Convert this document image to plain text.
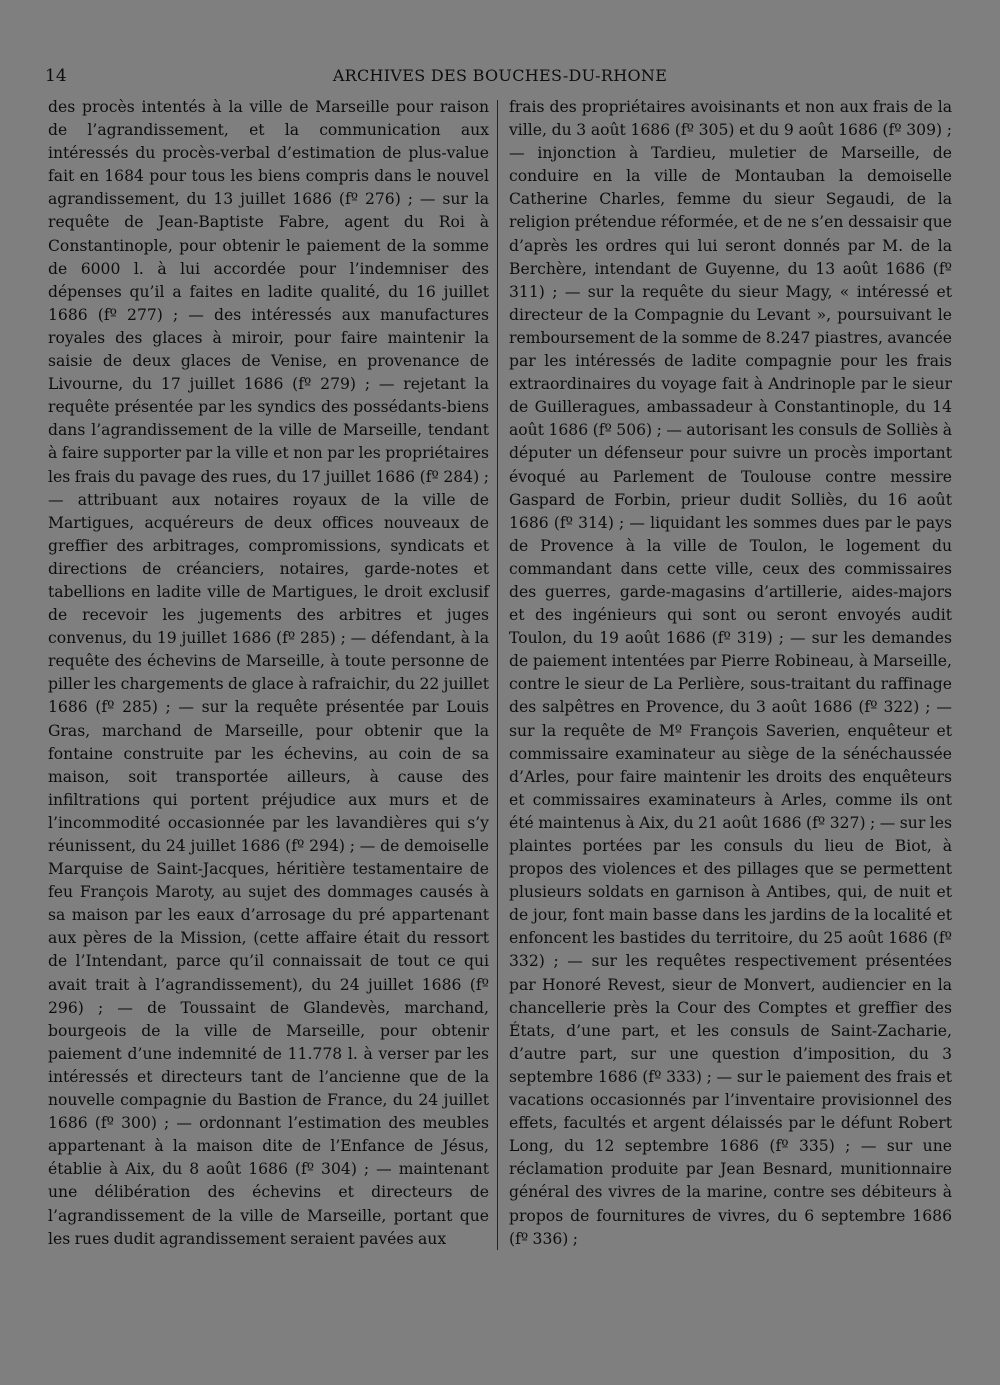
14	ARCHIVES DES BOUCHES-DU-RHONE

des procès intentés à la ville de Marseille pour raison de l’agrandissement, et la communication aux intéressés du procès-verbal d’estimation de plus-value fait en 1684 pour tous les biens compris dans le nouvel agrandissement, du 13 juillet 1686 (fº 276) ; — sur la requête de Jean-Baptiste Fabre, agent du Roi à Constantinople, pour obtenir le paiement de la somme de 6000 l. à lui accordée pour l’indemniser des dépenses qu’il a faites en ladite qualité, du 16 juillet 1686 (fº 277) ; — des intéressés aux manufactures royales des glaces à miroir, pour faire maintenir la saisie de deux glaces de Venise, en provenance de Livourne, du 17 juillet 1686 (fº 279) ; — rejetant la requête présentée par les syndics des possédants-biens dans l’agrandissement de la ville de Marseille, tendant à faire supporter par la ville et non par les propriétaires les frais du pavage des rues, du 17 juillet 1686 (fº 284) ; — attribuant aux notaires royaux de la ville de Martigues, acquéreurs de deux offices nouveaux de greffier des arbitrages, compromissions, syndicats et directions de créanciers, notaires, garde-notes et tabellions en ladite ville de Martigues, le droit exclusif de recevoir les jugements des arbitres et juges convenus, du 19 juillet 1686 (fº 285) ; — défendant, à la requête des échevins de Marseille, à toute personne de piller les chargements de glace à rafraichir, du 22 juillet 1686 (fº 285) ; — sur la requête présentée par Louis Gras, marchand de Marseille, pour obtenir que la fontaine construite par les échevins, au coin de sa maison, soit transportée ailleurs, à cause des infiltrations qui portent préjudice aux murs et de l’incommodité occasionnée par les lavandières qui s’y réunissent, du 24 juillet 1686 (fº 294) ; — de demoiselle Marquise de Saint-Jacques, héritière testamentaire de feu François Maroty, au sujet des dommages causés à sa maison par les eaux d’arrosage du pré appartenant aux pères de la Mission, (cette affaire était du ressort de l’Intendant, parce qu’il connaissait de tout ce qui avait trait à l’agrandissement), du 24 juillet 1686 (fº 296) ; — de Toussaint de Glandevès, marchand, bourgeois de la ville de Marseille, pour obtenir paiement d’une indemnité de 11.778 l. à verser par les intéressés et directeurs tant de l’ancienne que de la nouvelle compagnie du Bastion de France, du 24 juillet 1686 (fº 300) ; — ordonnant l’estimation des meubles appartenant à la maison dite de l’Enfance de Jésus, établie à Aix, du 8 août 1686 (fº 304) ; — maintenant une délibération des échevins et directeurs de l’agrandissement de la ville de Marseille, portant que les rues dudit agrandissement seraient pavées aux

frais des propriétaires avoisinants et non aux frais de la ville, du 3 août 1686 (fº 305) et du 9 août 1686 (fº 309) ; — injonction à Tardieu, muletier de Marseille, de conduire en la ville de Montauban la demoiselle Catherine Charles, femme du sieur Segaudi, de la religion prétendue réformée, et de ne s’en dessaisir que d’après les ordres qui lui seront donnés par M. de la Berchère, intendant de Guyenne, du 13 août 1686 (fº 311) ; — sur la requête du sieur Magy, « intéressé et directeur de la Compagnie du Levant », poursuivant le remboursement de la somme de 8.247 piastres, avancée par les intéressés de ladite compagnie pour les frais extraordinaires du voyage fait à Andrinople par le sieur de Guilleragues, ambassadeur à Constantinople, du 14 août 1686 (fº 506) ; — autorisant les consuls de Solliès à députer un défenseur pour suivre un procès important évoqué au Parlement de Toulouse contre messire Gaspard de Forbin, prieur dudit Solliès, du 16 août 1686 (fº 314) ; — liquidant les sommes dues par le pays de Provence à la ville de Toulon, le logement du commandant dans cette ville, ceux des commissaires des guerres, garde-magasins d’artillerie, aides-majors et des ingénieurs qui sont ou seront envoyés audit Toulon, du 19 août 1686 (fº 319) ; — sur les demandes de paiement intentées par Pierre Robineau, à Marseille, contre le sieur de La Perlière, sous-traitant du raffinage des salpêtres en Provence, du 3 août 1686 (fº 322) ; — sur la requête de Mº François Saverien, enquêteur et commissaire examinateur au siège de la sénéchaussée d’Arles, pour faire maintenir les droits des enquêteurs et commissaires examinateurs à Arles, comme ils ont été maintenus à Aix, du 21 août 1686 (fº 327) ; — sur les plaintes portées par les consuls du lieu de Biot, à propos des violences et des pillages que se permettent plusieurs soldats en garnison à Antibes, qui, de nuit et de jour, font main basse dans les jardins de la localité et enfoncent les bastides du territoire, du 25 août 1686 (fº 332) ; — sur les requêtes respectivement présentées par Honoré Revest, sieur de Monvert, audiencier en la chancellerie près la Cour des Comptes et greffier des États, d’une part, et les consuls de Saint-Zacharie, d’autre part, sur une question d’imposition, du 3 septembre 1686 (fº 333) ; — sur le paiement des frais et vacations occasionnés par l’inventaire provisionnel des effets, facultés et argent délaissés par le défunt Robert Long, du 12 septembre 1686 (fº 335) ; — sur une réclamation produite par Jean Besnard, munitionnaire général des vivres de la marine, contre ses débiteurs à propos de fournitures de vivres, du 6 septembre 1686 (fº 336) ;
